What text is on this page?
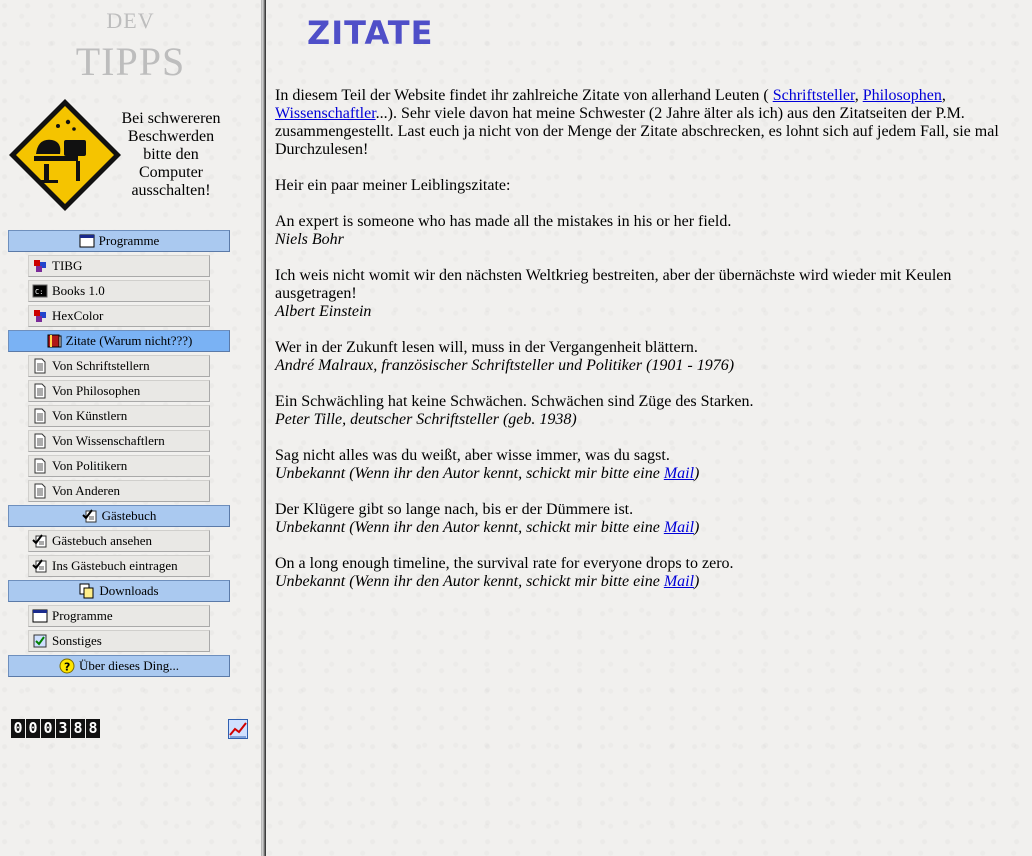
DEV
TIPPS
Bei schwereren
Beschwerden
bitte den
Computer
ausschalten!
Programme
TIBG
C: Books 1.0
HexColor
Zitate (Warum nicht???)
Von Schriftstellern
Von Philosophen
Von Künstlern
Von Wissenschaftlern
Von Politikern
Von Anderen
Gästebuch
Gästebuch ansehen
Ins Gästebuch eintragen
Downloads
Programme
Sonstiges
? Über dieses Ding...
0 0 0 3 8 8
ZITATE

In diesem Teil der Website findet ihr zahlreiche Zitate von allerhand Leuten ( Schriftsteller, Philosophen, Wissenschaftler...). Sehr viele davon hat meine Schwester (2 Jahre älter als ich) aus den Zitatseiten der P.M. zusammengestellt. Last euch ja nicht von der Menge der Zitate abschrecken, es lohnt sich auf jedem Fall, sie mal Durchzulesen!

Heir ein paar meiner Leiblingszitate:

An expert is someone who has made all the mistakes in his or her field.
Niels Bohr

Ich weis nicht womit wir den nächsten Weltkrieg bestreiten, aber der übernächste wird wieder mit Keulen ausgetragen!
Albert Einstein

Wer in der Zukunft lesen will, muss in der Vergangenheit blättern.
André Malraux, französischer Schriftsteller und Politiker (1901 - 1976)

Ein Schwächling hat keine Schwächen. Schwächen sind Züge des Starken.
Peter Tille, deutscher Schriftsteller (geb. 1938)

Sag nicht alles was du weißt, aber wisse immer, was du sagst.
Unbekannt (Wenn ihr den Autor kennt, schickt mir bitte eine Mail)

Der Klügere gibt so lange nach, bis er der Dümmere ist.
Unbekannt (Wenn ihr den Autor kennt, schickt mir bitte eine Mail)

On a long enough timeline, the survival rate for everyone drops to zero.
Unbekannt (Wenn ihr den Autor kennt, schickt mir bitte eine Mail)
